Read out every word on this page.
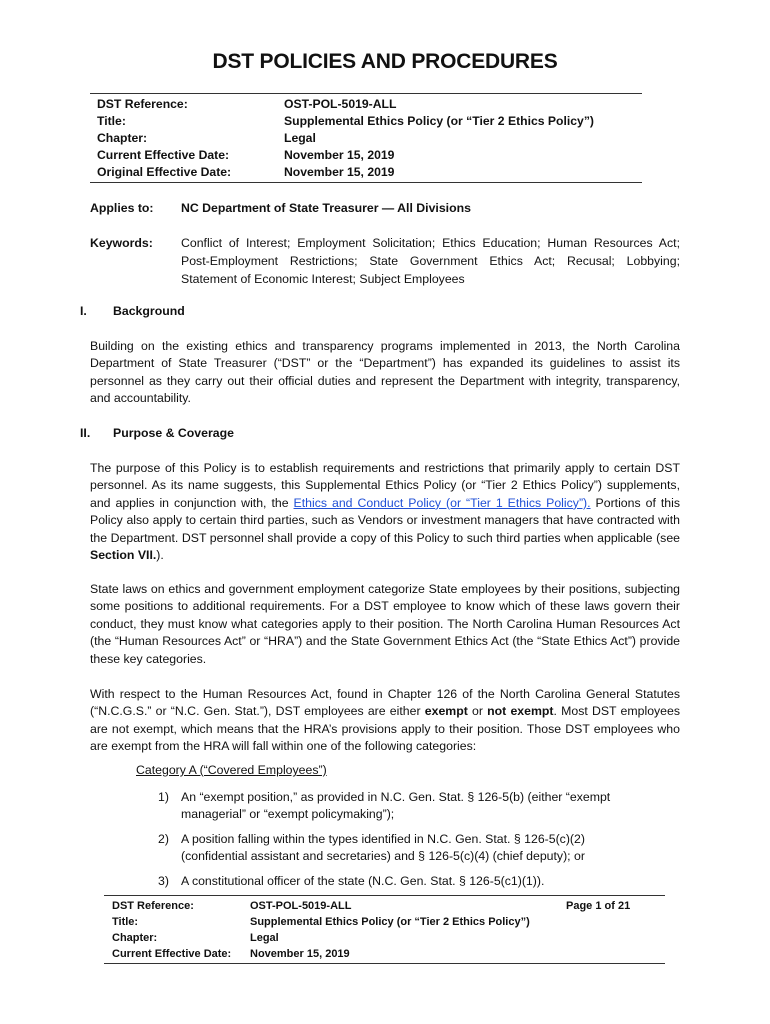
DST POLICIES AND PROCEDURES
DST Reference:	OST-POL-5019-ALL
Title:	Supplemental Ethics Policy (or “Tier 2 Ethics Policy”)
Chapter:	Legal
Current Effective Date:	November 15, 2019
Original Effective Date:	November 15, 2019
Applies to:	NC Department of State Treasurer — All Divisions
Keywords: Conflict of Interest; Employment Solicitation; Ethics Education; Human Resources Act; Post-Employment Restrictions; State Government Ethics Act; Recusal; Lobbying; Statement of Economic Interest; Subject Employees
I. Background
Building on the existing ethics and transparency programs implemented in 2013, the North Carolina Department of State Treasurer (“DST” or the “Department”) has expanded its guidelines to assist its personnel as they carry out their official duties and represent the Department with integrity, transparency, and accountability.
II. Purpose & Coverage
The purpose of this Policy is to establish requirements and restrictions that primarily apply to certain DST personnel. As its name suggests, this Supplemental Ethics Policy (or “Tier 2 Ethics Policy”) supplements, and applies in conjunction with, the Ethics and Conduct Policy (or “Tier 1 Ethics Policy”). Portions of this Policy also apply to certain third parties, such as Vendors or investment managers that have contracted with the Department. DST personnel shall provide a copy of this Policy to such third parties when applicable (see Section VII.).
State laws on ethics and government employment categorize State employees by their positions, subjecting some positions to additional requirements. For a DST employee to know which of these laws govern their conduct, they must know what categories apply to their position. The North Carolina Human Resources Act (the “Human Resources Act” or “HRA”) and the State Government Ethics Act (the “State Ethics Act”) provide these key categories.
With respect to the Human Resources Act, found in Chapter 126 of the North Carolina General Statutes (“N.C.G.S.” or “N.C. Gen. Stat.”), DST employees are either exempt or not exempt. Most DST employees are not exempt, which means that the HRA’s provisions apply to their position. Those DST employees who are exempt from the HRA will fall within one of the following categories:
Category A (“Covered Employees”)
1) An “exempt position,” as provided in N.C. Gen. Stat. § 126-5(b) (either “exempt managerial” or “exempt policymaking”);
2) A position falling within the types identified in N.C. Gen. Stat. § 126-5(c)(2) (confidential assistant and secretaries) and § 126-5(c)(4) (chief deputy); or
3) A constitutional officer of the state (N.C. Gen. Stat. § 126-5(c1)(1)).
DST Reference:	OST-POL-5019-ALL	Page 1 of 21
Title:	Supplemental Ethics Policy (or “Tier 2 Ethics Policy”)
Chapter:	Legal
Current Effective Date:	November 15, 2019
